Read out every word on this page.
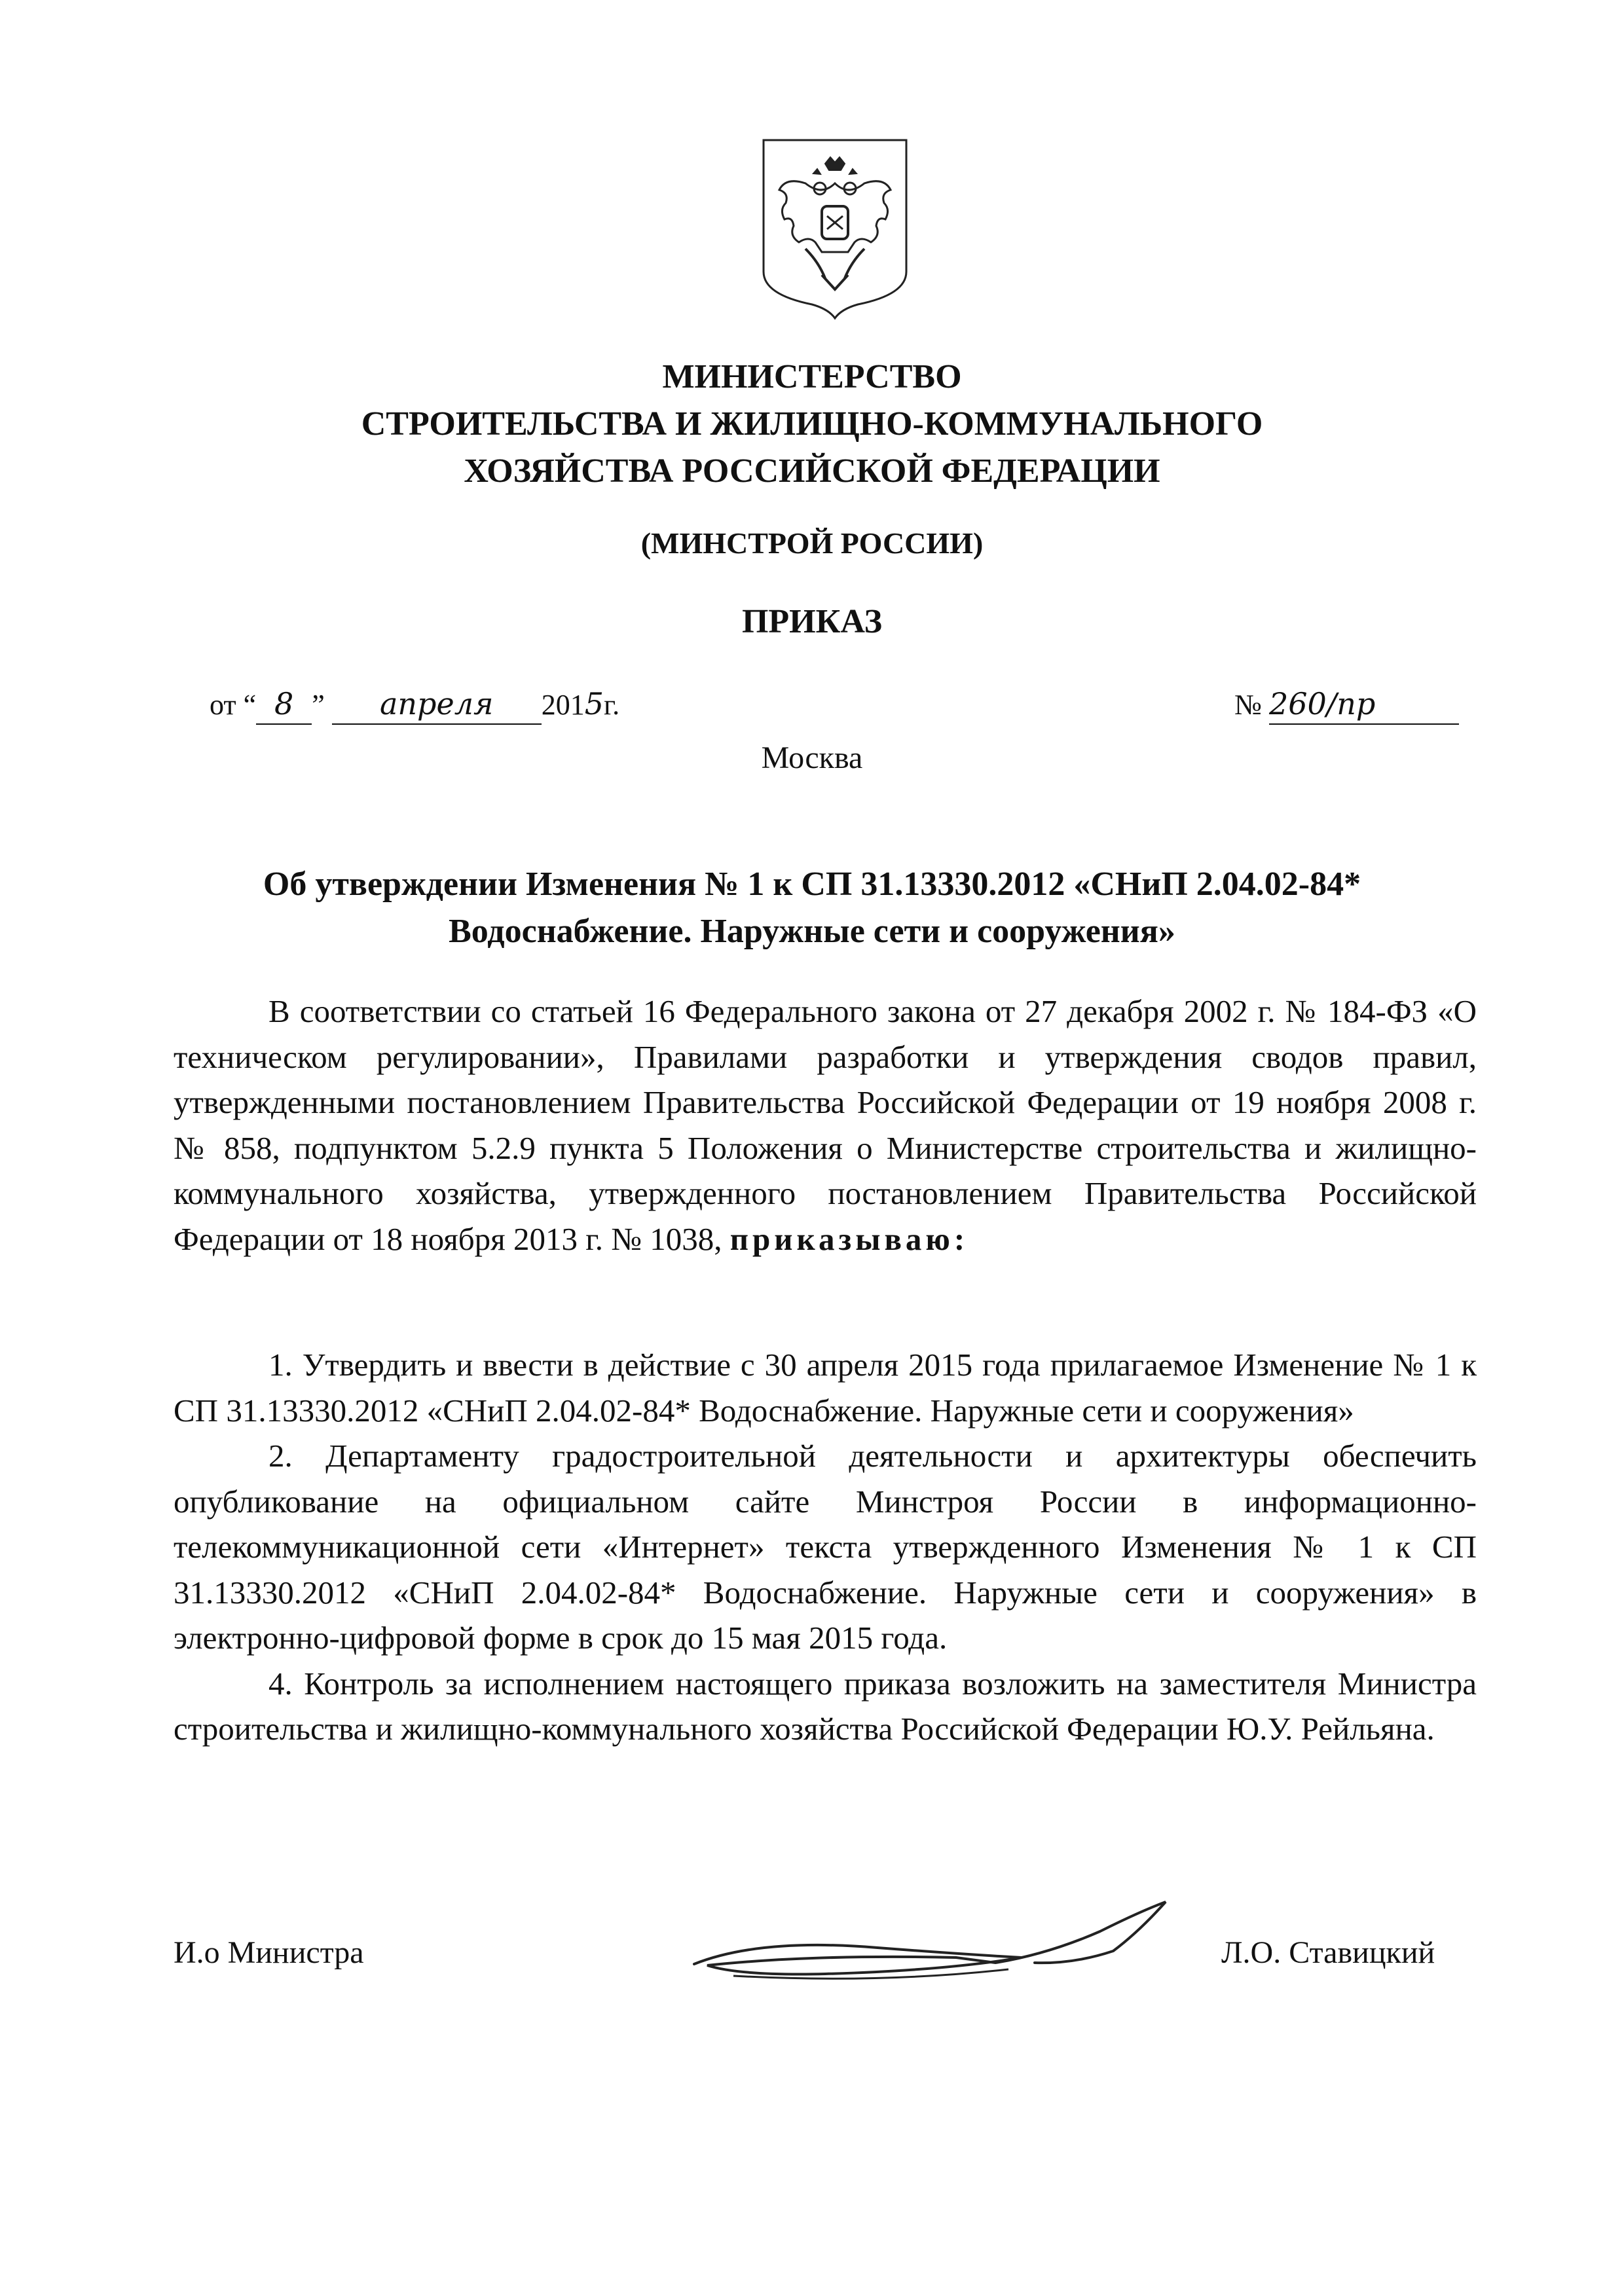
МИНИСТЕРСТВО
СТРОИТЕЛЬСТВА И ЖИЛИЩНО-КОММУНАЛЬНОГО
ХОЗЯЙСТВА РОССИЙСКОЙ ФЕДЕРАЦИИ
(МИНСТРОЙ РОССИИ)
ПРИКАЗ
от “ 8 ” апреля 2015г.	№ 260/пр
Москва
Об утверждении Изменения № 1 к СП 31.13330.2012 «СНиП 2.04.02-84*
Водоснабжение. Наружные сети и сооружения»

В соответствии со статьей 16 Федерального закона от 27 декабря 2002 г. № 184-ФЗ «О техническом регулировании», Правилами разработки и утверждения сводов правил, утвержденными постановлением Правительства Российской Федерации от 19 ноября 2008 г. № 858, подпунктом 5.2.9 пункта 5 Положения о Министерстве строительства и жилищно-коммунального хозяйства, утвержденного постановлением Правительства Российской Федерации от 18 ноября 2013 г. № 1038, приказываю:

1. Утвердить и ввести в действие с 30 апреля 2015 года прилагаемое Изменение № 1 к СП 31.13330.2012 «СНиП 2.04.02-84* Водоснабжение. Наружные сети и сооружения»

2. Департаменту градостроительной деятельности и архитектуры обеспечить опубликование на официальном сайте Минстроя России в информационно-телекоммуникационной сети «Интернет» текста утвержденного Изменения № 1 к СП 31.13330.2012 «СНиП 2.04.02-84* Водоснабжение. Наружные сети и сооружения» в электронно-цифровой форме в срок до 15 мая 2015 года.

4. Контроль за исполнением настоящего приказа возложить на заместителя Министра строительства и жилищно-коммунального хозяйства Российской Федерации Ю.У. Рейльяна.

И.о Министра	Л.О. Ставицкий
